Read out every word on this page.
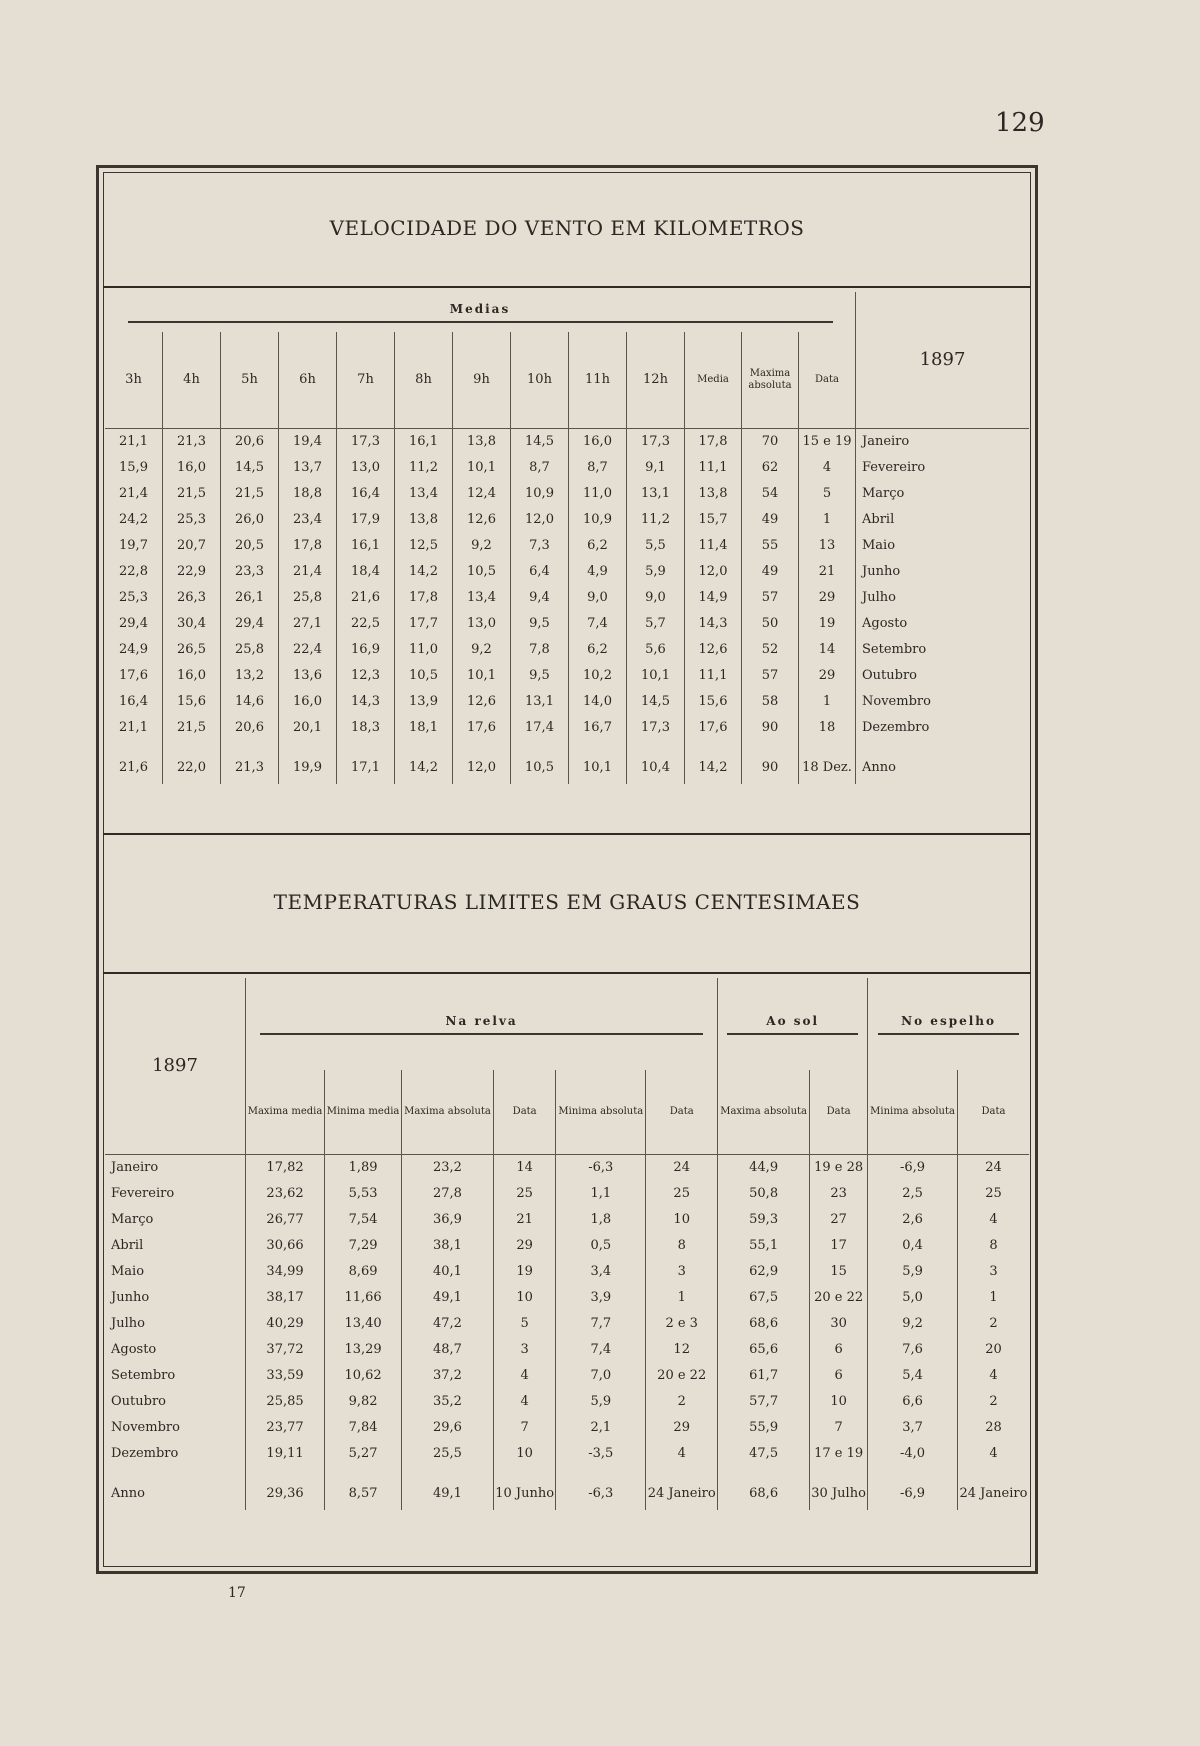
129
VELOCIDADE DO VENTO EM KILOMETROS
Medias													1897
3h	4h	5h	6h	7h	8h	9h	10h	11h	12h	Media	Maxima absoluta	Data	
21,1	21,3	20,6	19,4	17,3	16,1	13,8	14,5	16,0	17,3	17,8	70	15 e 19	Janeiro
15,9	16,0	14,5	13,7	13,0	11,2	10,1	8,7	8,7	9,1	11,1	62	4	Fevereiro
21,4	21,5	21,5	18,8	16,4	13,4	12,4	10,9	11,0	13,1	13,8	54	5	Março
24,2	25,3	26,0	23,4	17,9	13,8	12,6	12,0	10,9	11,2	15,7	49	1	Abril
19,7	20,7	20,5	17,8	16,1	12,5	9,2	7,3	6,2	5,5	11,4	55	13	Maio
22,8	22,9	23,3	21,4	18,4	14,2	10,5	6,4	4,9	5,9	12,0	49	21	Junho
25,3	26,3	26,1	25,8	21,6	17,8	13,4	9,4	9,0	9,0	14,9	57	29	Julho
29,4	30,4	29,4	27,1	22,5	17,7	13,0	9,5	7,4	5,7	14,3	50	19	Agosto
24,9	26,5	25,8	22,4	16,9	11,0	9,2	7,8	6,2	5,6	12,6	52	14	Setembro
17,6	16,0	13,2	13,6	12,3	10,5	10,1	9,5	10,2	10,1	11,1	57	29	Outubro
16,4	15,6	14,6	16,0	14,3	13,9	12,6	13,1	14,0	14,5	15,6	58	1	Novembro
21,1	21,5	20,6	20,1	18,3	18,1	17,6	17,4	16,7	17,3	17,6	90	18	Dezembro
21,6	22,0	21,3	19,9	17,1	14,2	12,0	10,5	10,1	10,4	14,2	90	18 Dez.	Anno
TEMPERATURAS LIMITES EM GRAUS CENTESIMAES
1897	Na relva						Ao sol		No espelho	

	Maxima media	Minima media	Maxima absoluta	Data	Minima absoluta	Data	Maxima absoluta	Data	Minima absoluta	Data
Janeiro	17,82	1,89	23,2	14	-6,3	24	44,9	19 e 28	-6,9	24
Fevereiro	23,62	5,53	27,8	25	1,1	25	50,8	23	2,5	25
Março	26,77	7,54	36,9	21	1,8	10	59,3	27	2,6	4
Abril	30,66	7,29	38,1	29	0,5	8	55,1	17	0,4	8
Maio	34,99	8,69	40,1	19	3,4	3	62,9	15	5,9	3
Junho	38,17	11,66	49,1	10	3,9	1	67,5	20 e 22	5,0	1
Julho	40,29	13,40	47,2	5	7,7	2 e 3	68,6	30	9,2	2
Agosto	37,72	13,29	48,7	3	7,4	12	65,6	6	7,6	20
Setembro	33,59	10,62	37,2	4	7,0	20 e 22	61,7	6	5,4	4
Outubro	25,85	9,82	35,2	4	5,9	2	57,7	10	6,6	2
Novembro	23,77	7,84	29,6	7	2,1	29	55,9	7	3,7	28
Dezembro	19,11	5,27	25,5	10	-3,5	4	47,5	17 e 19	-4,0	4
Anno	29,36	8,57	49,1	10 Junho	-6,3	24 Janeiro	68,6	30 Julho	-6,9	24 Janeiro
17
